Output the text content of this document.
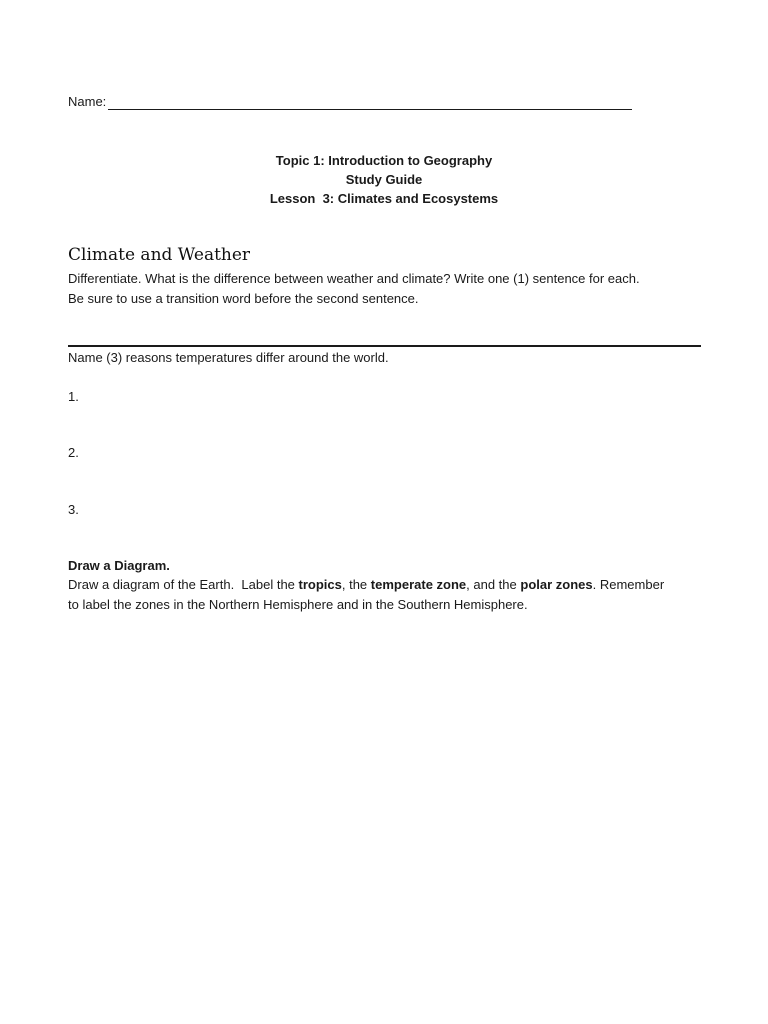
Name:
Topic 1: Introduction to Geography
Study Guide
Lesson  3: Climates and Ecosystems
Climate and Weather
Differentiate. What is the difference between weather and climate? Write one (1) sentence for each.
Be sure to use a transition word before the second sentence.
Name (3) reasons temperatures differ around the world.
1.
2.
3.
Draw a Diagram.
Draw a diagram of the Earth.  Label the tropics, the temperate zone, and the polar zones. Remember
to label the zones in the Northern Hemisphere and in the Southern Hemisphere.
